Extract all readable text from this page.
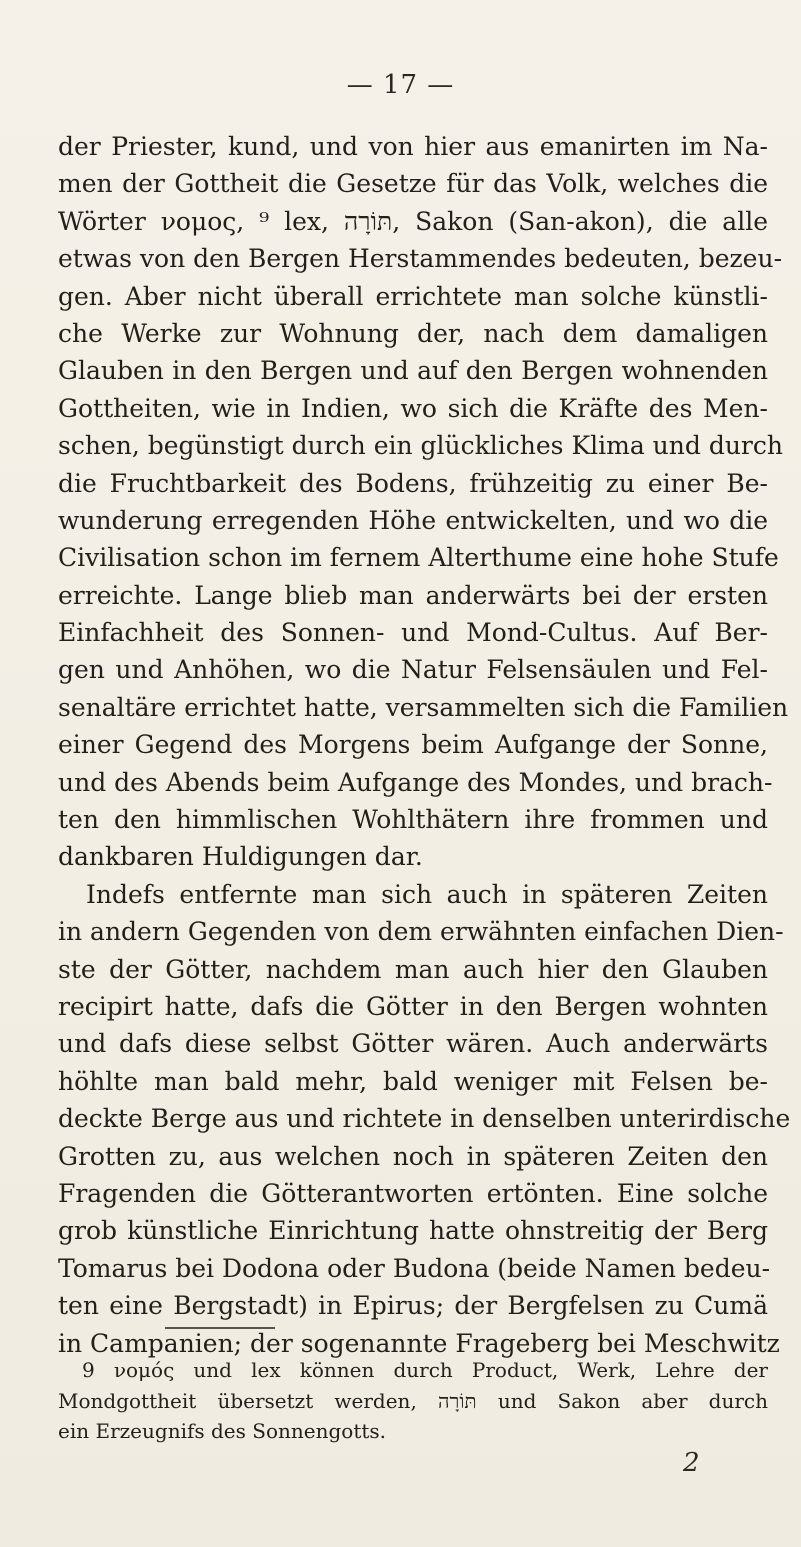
— 17 —
der Priester, kund, und von hier aus emanirten im Na-
men der Gottheit die Gesetze für das Volk, welches die
Wörter νομος, ⁹ lex, תּוֹרָה, Sakon (San-akon), die alle
etwas von den Bergen Herstammendes bedeuten, bezeu-
gen. Aber nicht überall errichtete man solche künstli-
che Werke zur Wohnung der, nach dem damaligen
Glauben in den Bergen und auf den Bergen wohnenden
Gottheiten, wie in Indien, wo sich die Kräfte des Men-
schen, begünstigt durch ein glückliches Klima und durch
die Fruchtbarkeit des Bodens, frühzeitig zu einer Be-
wunderung erregenden Höhe entwickelten, und wo die
Civilisation schon im fernem Alterthume eine hohe Stufe
erreichte. Lange blieb man anderwärts bei der ersten
Einfachheit des Sonnen- und Mond-Cultus. Auf Ber-
gen und Anhöhen, wo die Natur Felsensäulen und Fel-
senaltäre errichtet hatte, versammelten sich die Familien
einer Gegend des Morgens beim Aufgange der Sonne,
und des Abends beim Aufgange des Mondes, und brach-
ten den himmlischen Wohlthätern ihre frommen und
dankbaren Huldigungen dar.
Indefs entfernte man sich auch in späteren Zeiten
in andern Gegenden von dem erwähnten einfachen Dien-
ste der Götter, nachdem man auch hier den Glauben
recipirt hatte, dafs die Götter in den Bergen wohnten
und dafs diese selbst Götter wären. Auch anderwärts
höhlte man bald mehr, bald weniger mit Felsen be-
deckte Berge aus und richtete in denselben unterirdische
Grotten zu, aus welchen noch in späteren Zeiten den
Fragenden die Götterantworten ertönten. Eine solche
grob künstliche Einrichtung hatte ohnstreitig der Berg
Tomarus bei Dodona oder Budona (beide Namen bedeu-
ten eine Bergstadt) in Epirus; der Bergfelsen zu Cumä
in Campanien; der sogenannte Frageberg bei Meschwitz
9 νομός und lex können durch Product, Werk, Lehre der
Mondgottheit übersetzt werden, תּוֹרָה und Sakon aber durch
ein Erzeugnifs des Sonnengotts.
2
